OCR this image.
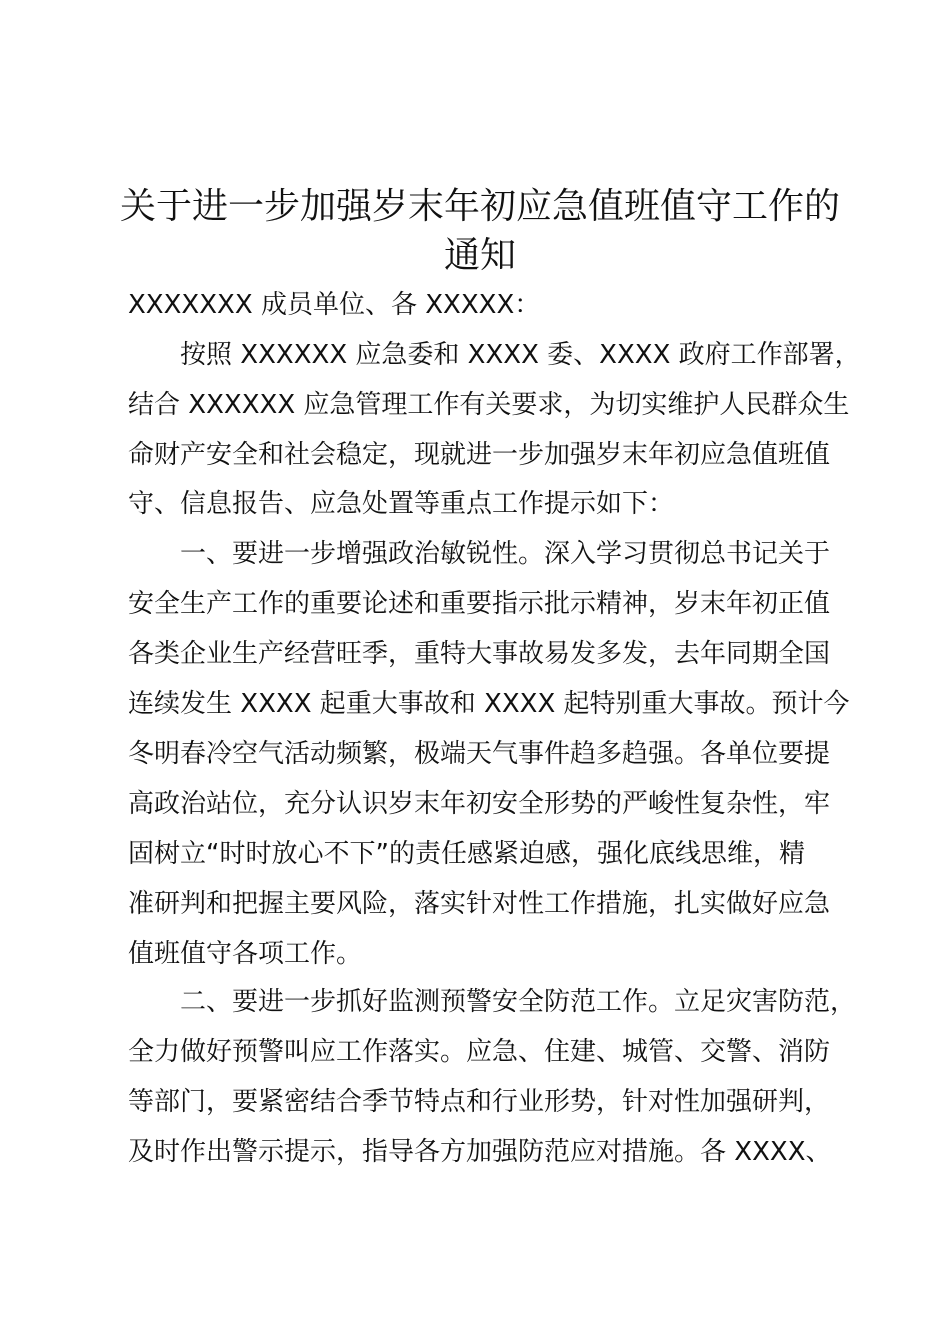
关于进一步加强岁末年初应急值班值守工作的
通知

XXXXXXX 成员单位、各 XXXXX：

　　按照 XXXXXX 应急委和 XXXX 委、XXXX 政府工作部署，

结合 XXXXXX 应急管理工作有关要求，为切实维护人民群众生

命财产安全和社会稳定，现就进一步加强岁末年初应急值班值

守、信息报告、应急处置等重点工作提示如下：

　　一、要进一步增强政治敏锐性。深入学习贯彻总书记关于

安全生产工作的重要论述和重要指示批示精神，岁末年初正值

各类企业生产经营旺季，重特大事故易发多发，去年同期全国

连续发生 XXXX 起重大事故和 XXXX 起特别重大事故。预计今

冬明春冷空气活动频繁，极端天气事件趋多趋强。各单位要提

高政治站位，充分认识岁末年初安全形势的严峻性复杂性，牢

固树立“时时放心不下”的责任感紧迫感，强化底线思维，精

准研判和把握主要风险，落实针对性工作措施，扎实做好应急

值班值守各项工作。

　　二、要进一步抓好监测预警安全防范工作。立足灾害防范，

全力做好预警叫应工作落实。应急、住建、城管、交警、消防

等部门，要紧密结合季节特点和行业形势，针对性加强研判，

及时作出警示提示，指导各方加强防范应对措施。各 XXXX、
